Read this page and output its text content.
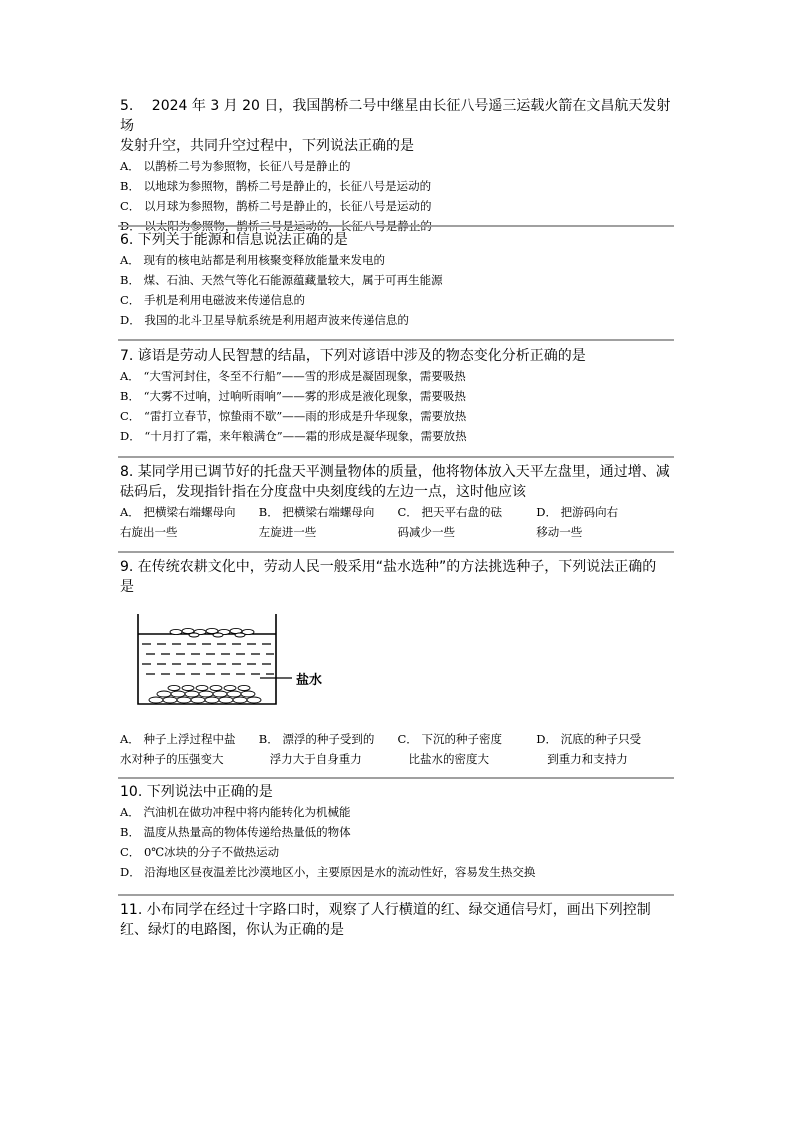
5.　 2024 年 3 月 20 日，我国鹊桥二号中继星由长征八号遥三运载火箭在文昌航天发射场
发射升空，共同升空过程中，下列说法正确的是
A． 以鹊桥二号为参照物，长征八号是静止的
B． 以地球为参照物，鹊桥二号是静止的，长征八号是运动的
C． 以月球为参照物，鹊桥二号是静止的，长征八号是运动的
D． 以太阳为参照物，鹊桥二号是运动的，长征八号是静止的
6. 下列关于能源和信息说法正确的是
A． 现有的核电站都是利用核聚变释放能量来发电的
B． 煤、石油、天然气等化石能源蕴藏量较大，属于可再生能源
C． 手机是利用电磁波来传递信息的
D． 我国的北斗卫星导航系统是利用超声波来传递信息的
7. 谚语是劳动人民智慧的结晶，下列对谚语中涉及的物态变化分析正确的是
A． “大雪河封住，冬至不行船”——雪的形成是凝固现象，需要吸热
B． “大雾不过响，过响听雨响”——雾的形成是液化现象，需要吸热
C． “雷打立春节，惊蛰雨不歇”——雨的形成是升华现象，需要放热
D． “十月打了霜，来年粮满仓”——霜的形成是凝华现象，需要放热
8. 某同学用已调节好的托盘天平测量物体的质量，他将物体放入天平左盘里，通过增、减
砝码后，发现指针指在分度盘中央刻度线的左边一点，这时他应该
A． 把横梁右端螺母向
右旋出一些
B． 把横梁右端螺母向
左旋进一些
C． 把天平右盘的砝
码减少一些
D． 把游码向右
移动一些
9. 在传统农耕文化中，劳动人民一般采用“盐水选种”的方法挑选种子，下列说法正确的
是
盐水
A． 种子上浮过程中盐
水对种子的压强变大
B． 漂浮的种子受到的
浮力大于自身重力
C． 下沉的种子密度
比盐水的密度大
D． 沉底的种子只受
到重力和支持力
10. 下列说法中正确的是
A． 汽油机在做功冲程中将内能转化为机械能
B． 温度从热量高的物体传递给热量低的物体
C． 0℃冰块的分子不做热运动
D． 沿海地区昼夜温差比沙漠地区小，主要原因是水的流动性好，容易发生热交换
11. 小布同学在经过十字路口时，观察了人行横道的红、绿交通信号灯，画出下列控制
红、绿灯的电路图，你认为正确的是
